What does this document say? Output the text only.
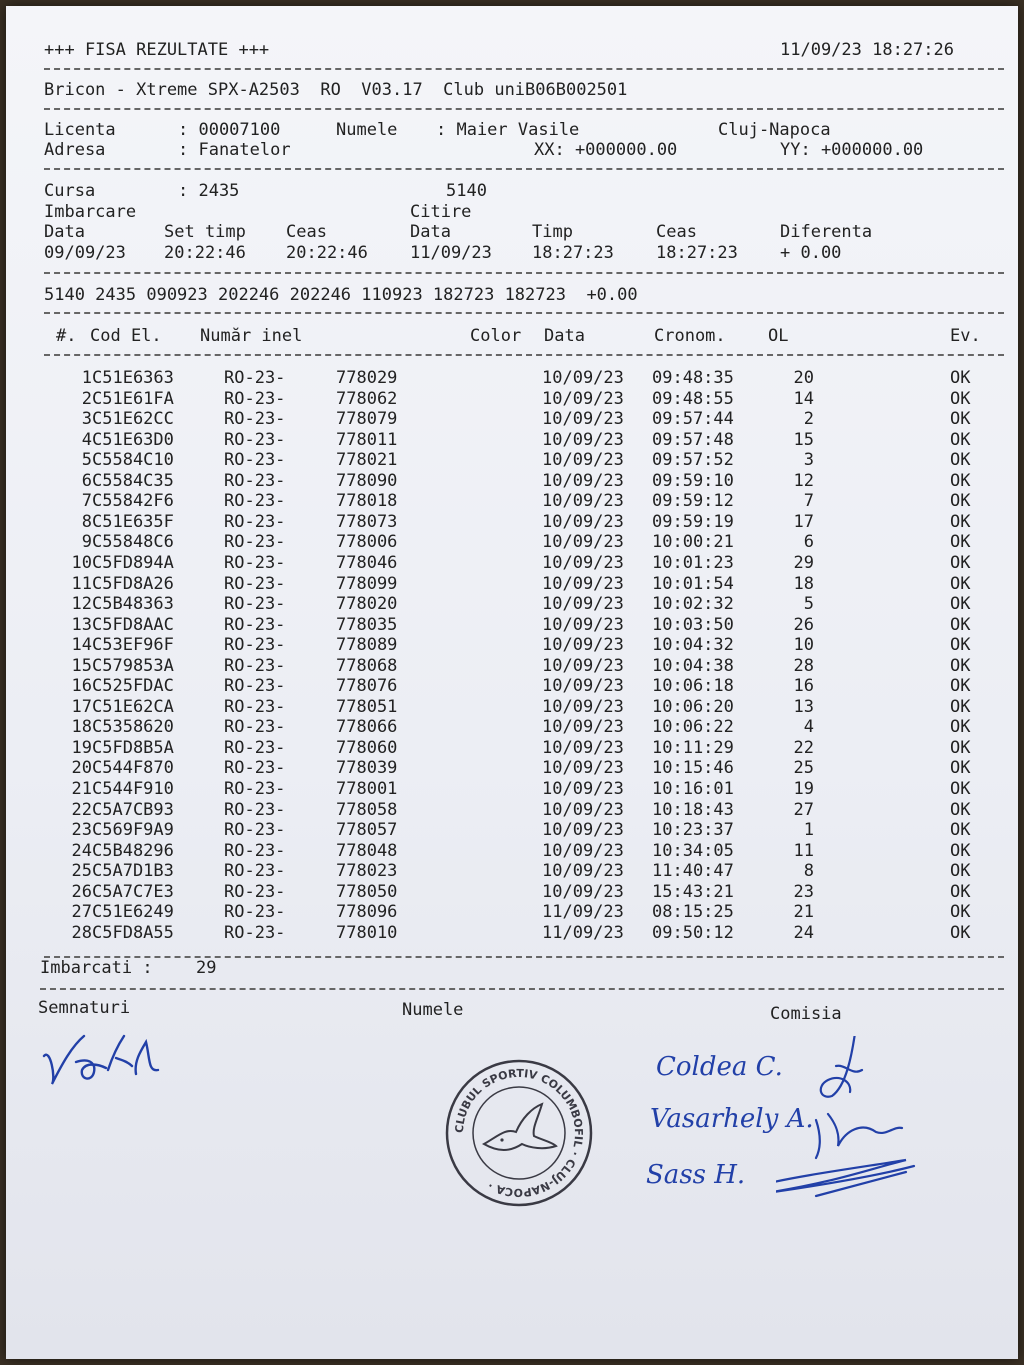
+++ FISA REZULTATE +++	11/09/23 18:27:26
Bricon - Xtreme SPX-A2503  RO  V03.17  Club uniB06B002501
Licenta	: 00007100	Numele : Maier Vasile	Cluj-Napoca
Adresa	: Fanatelor	XX: +000000.00	YY: +000000.00
Cursa	: 2435	5140
Imbarcare	Citire
Data	Set timp Ceas	Data	Timp	Ceas	Diferenta
09/09/23 20:22:46 20:22:46 11/09/23 18:27:23 18:27:23 + 0.00
5140 2435 090923 202246 202246 110923 182723 182723  +0.00
#. Cod El. Număr inel	Color Data	Cronom. OL	Ev.
1 C51E6363	RO-23-	778029	10/09/23 09:48:35	20	OK
2 C51E61FA	RO-23-	778062	10/09/23 09:48:55	14	OK
3 C51E62CC	RO-23-	778079	10/09/23 09:57:44	2	OK
4 C51E63D0	RO-23-	778011	10/09/23 09:57:48	15	OK
5 C5584C10	RO-23-	778021	10/09/23 09:57:52	3	OK
6 C5584C35	RO-23-	778090	10/09/23 09:59:10	12	OK
7 C55842F6	RO-23-	778018	10/09/23 09:59:12	7	OK
8 C51E635F	RO-23-	778073	10/09/23 09:59:19	17	OK
9 C55848C6	RO-23-	778006	10/09/23 10:00:21	6	OK
10 C5FD894A	RO-23-	778046	10/09/23 10:01:23	29	OK
11 C5FD8A26	RO-23-	778099	10/09/23 10:01:54	18	OK
12 C5B48363	RO-23-	778020	10/09/23 10:02:32	5	OK
13 C5FD8AAC	RO-23-	778035	10/09/23 10:03:50	26	OK
14 C53EF96F	RO-23-	778089	10/09/23 10:04:32	10	OK
15 C579853A	RO-23-	778068	10/09/23 10:04:38	28	OK
16 C525FDAC	RO-23-	778076	10/09/23 10:06:18	16	OK
17 C51E62CA	RO-23-	778051	10/09/23 10:06:20	13	OK
18 C5358620	RO-23-	778066	10/09/23 10:06:22	4	OK
19 C5FD8B5A	RO-23-	778060	10/09/23 10:11:29	22	OK
20 C544F870	RO-23-	778039	10/09/23 10:15:46	25	OK
21 C544F910	RO-23-	778001	10/09/23 10:16:01	19	OK
22 C5A7CB93	RO-23-	778058	10/09/23 10:18:43	27	OK
23 C569F9A9	RO-23-	778057	10/09/23 10:23:37	1	OK
24 C5B48296	RO-23-	778048	10/09/23 10:34:05	11	OK
25 C5A7D1B3	RO-23-	778023	10/09/23 11:40:47	8	OK
26 C5A7C7E3	RO-23-	778050	10/09/23 15:43:21	23	OK
27 C51E6249	RO-23-	778096	11/09/23 08:15:25	21	OK
28 C5FD8A55	RO-23-	778010	11/09/23 09:50:12	24	OK
Imbarcati :	29
Semnaturi	Numele	Comisia
Coldea C.
Vasarhely A.
Sass H.
CLUBUL SPORTIV COLUMBOFIL · CLUJ-NAPOCA ·
